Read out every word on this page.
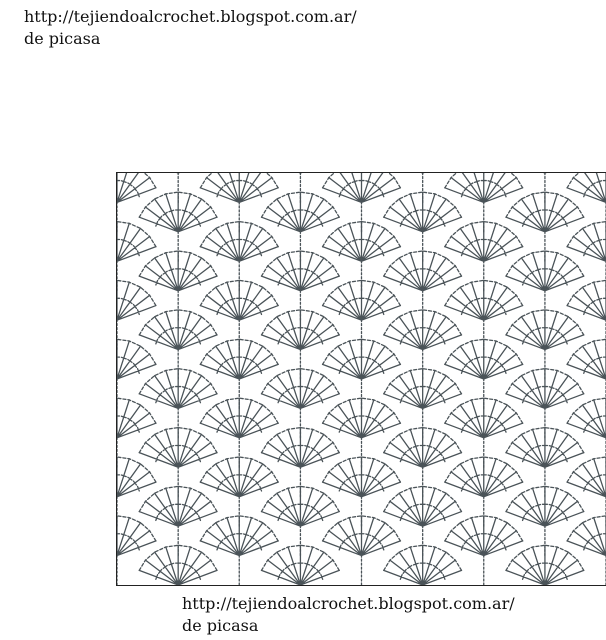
http://tejiendoalcrochet.blogspot.com.ar/
de picasa
http://tejiendoalcrochet.blogspot.com.ar/
de picasa
